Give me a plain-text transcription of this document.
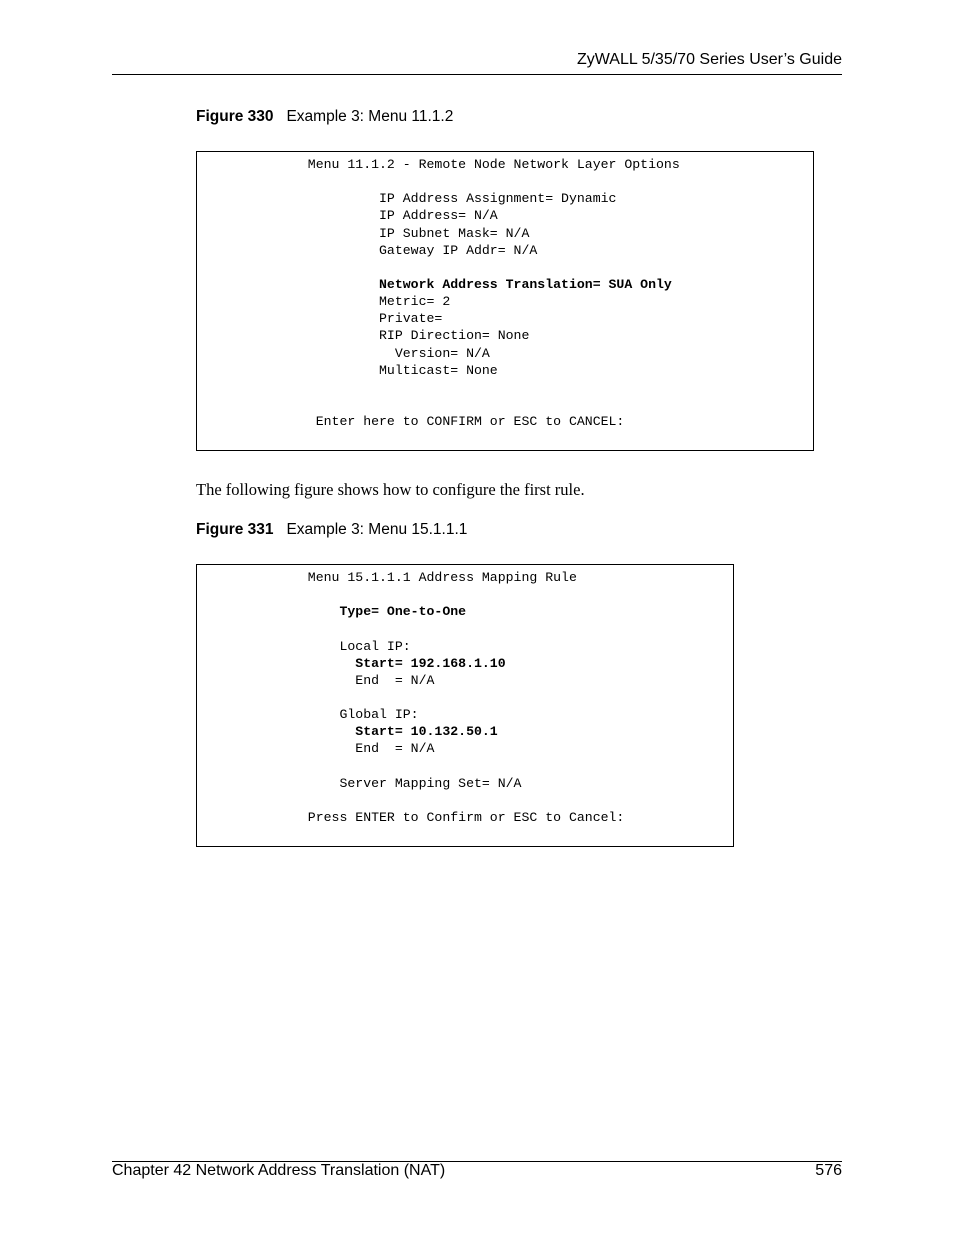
ZyWALL 5/35/70 Series User’s Guide
Figure 330 Example 3: Menu 11.1.2
Menu 11.1.2 - Remote Node Network Layer Options
IP Address Assignment= Dynamic
IP Address= N/A
IP Subnet Mask= N/A
Gateway IP Addr= N/A
Network Address Translation= SUA Only
Metric= 2
Private=
RIP Direction= None
Version= N/A
Multicast= None
Enter here to CONFIRM or ESC to CANCEL:
The following figure shows how to configure the first rule.
Figure 331 Example 3: Menu 15.1.1.1
Menu 15.1.1.1 Address Mapping Rule
Type= One-to-One
Local IP:
Start= 192.168.1.10
End  = N/A
Global IP:
Start= 10.132.50.1
End  = N/A
Server Mapping Set= N/A
Press ENTER to Confirm or ESC to Cancel:
Chapter 42 Network Address Translation (NAT)	576
